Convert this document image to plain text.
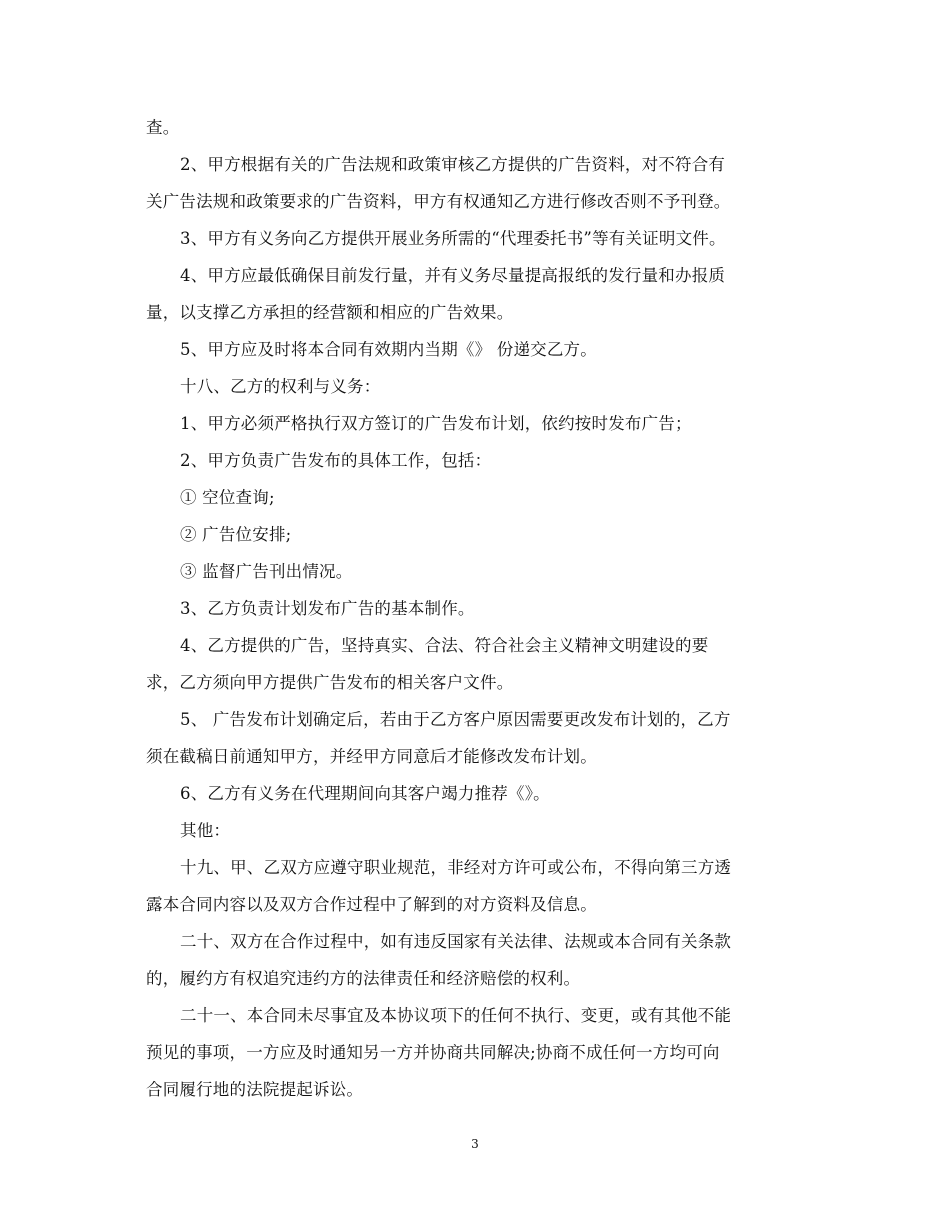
查。
2、甲方根据有关的广告法规和政策审核乙方提供的广告资料，对不符合有
关广告法规和政策要求的广告资料，甲方有权通知乙方进行修改否则不予刊登。
3、甲方有义务向乙方提供开展业务所需的“代理委托书”等有关证明文件。
4、甲方应最低确保目前发行量，并有义务尽量提高报纸的发行量和办报质
量，以支撑乙方承担的经营额和相应的广告效果。
5、甲方应及时将本合同有效期内当期《》 份递交乙方。
十八、乙方的权利与义务：
1、甲方必须严格执行双方签订的广告发布计划，依约按时发布广告；
2、甲方负责广告发布的具体工作，包括：
① 空位查询;
② 广告位安排;
③ 监督广告刊出情况。
3、乙方负责计划发布广告的基本制作。
4、乙方提供的广告，坚持真实、合法、符合社会主义精神文明建设的要
求，乙方须向甲方提供广告发布的相关客户文件。
5、 广告发布计划确定后，若由于乙方客户原因需要更改发布计划的，乙方
须在截稿日前通知甲方，并经甲方同意后才能修改发布计划。
6、乙方有义务在代理期间向其客户竭力推荐《》。
其他：
十九、甲、乙双方应遵守职业规范，非经对方许可或公布，不得向第三方透
露本合同内容以及双方合作过程中了解到的对方资料及信息。
二十、双方在合作过程中，如有违反国家有关法律、法规或本合同有关条款
的，履约方有权追究违约方的法律责任和经济赔偿的权利。
二十一、本合同未尽事宜及本协议项下的任何不执行、变更，或有其他不能
预见的事项，一方应及时通知另一方并协商共同解决;协商不成任何一方均可向
合同履行地的法院提起诉讼。
3
